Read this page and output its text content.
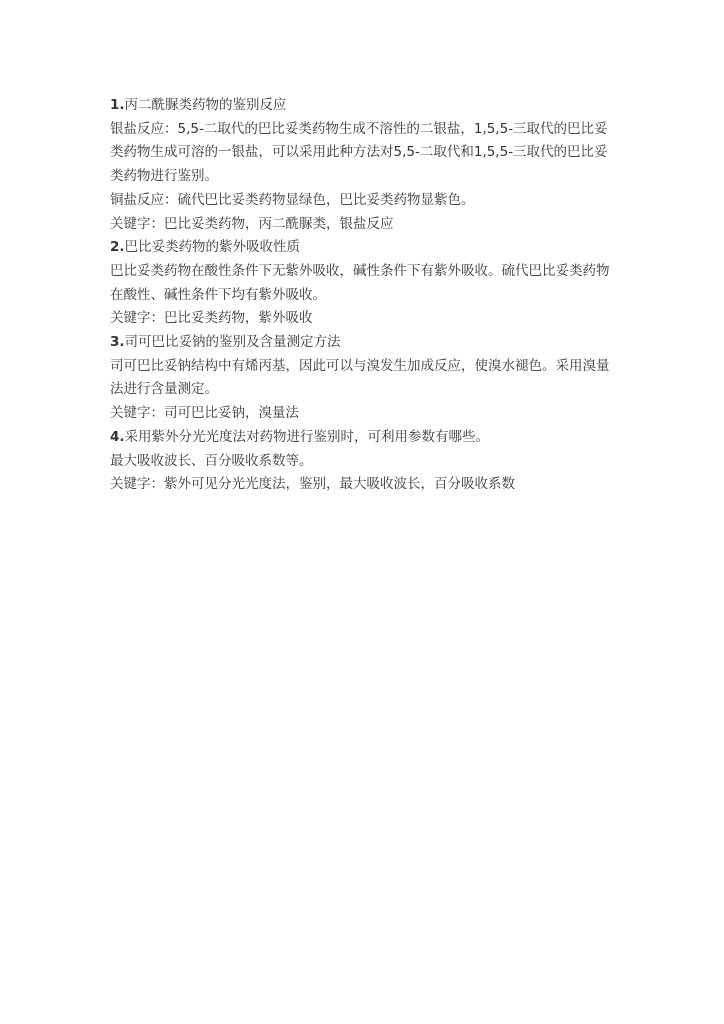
1.丙二酰脲类药物的鉴别反应

银盐反应：5,5-二取代的巴比妥类药物生成不溶性的二银盐，1,5,5-三取代的巴比妥类药物生成可溶的一银盐，可以采用此种方法对5,5-二取代和1,5,5-三取代的巴比妥类药物进行鉴别。

铜盐反应：硫代巴比妥类药物显绿色，巴比妥类药物显紫色。

关键字：巴比妥类药物，丙二酰脲类，银盐反应

2.巴比妥类药物的紫外吸收性质

巴比妥类药物在酸性条件下无紫外吸收，碱性条件下有紫外吸收。硫代巴比妥类药物在酸性、碱性条件下均有紫外吸收。

关键字：巴比妥类药物，紫外吸收

3.司可巴比妥钠的鉴别及含量测定方法

司可巴比妥钠结构中有烯丙基，因此可以与溴发生加成反应，使溴水褪色。采用溴量法进行含量测定。

关键字：司可巴比妥钠，溴量法

4.采用紫外分光光度法对药物进行鉴别时，可利用参数有哪些。

最大吸收波长、百分吸收系数等。

关键字：紫外可见分光光度法，鉴别，最大吸收波长，百分吸收系数
